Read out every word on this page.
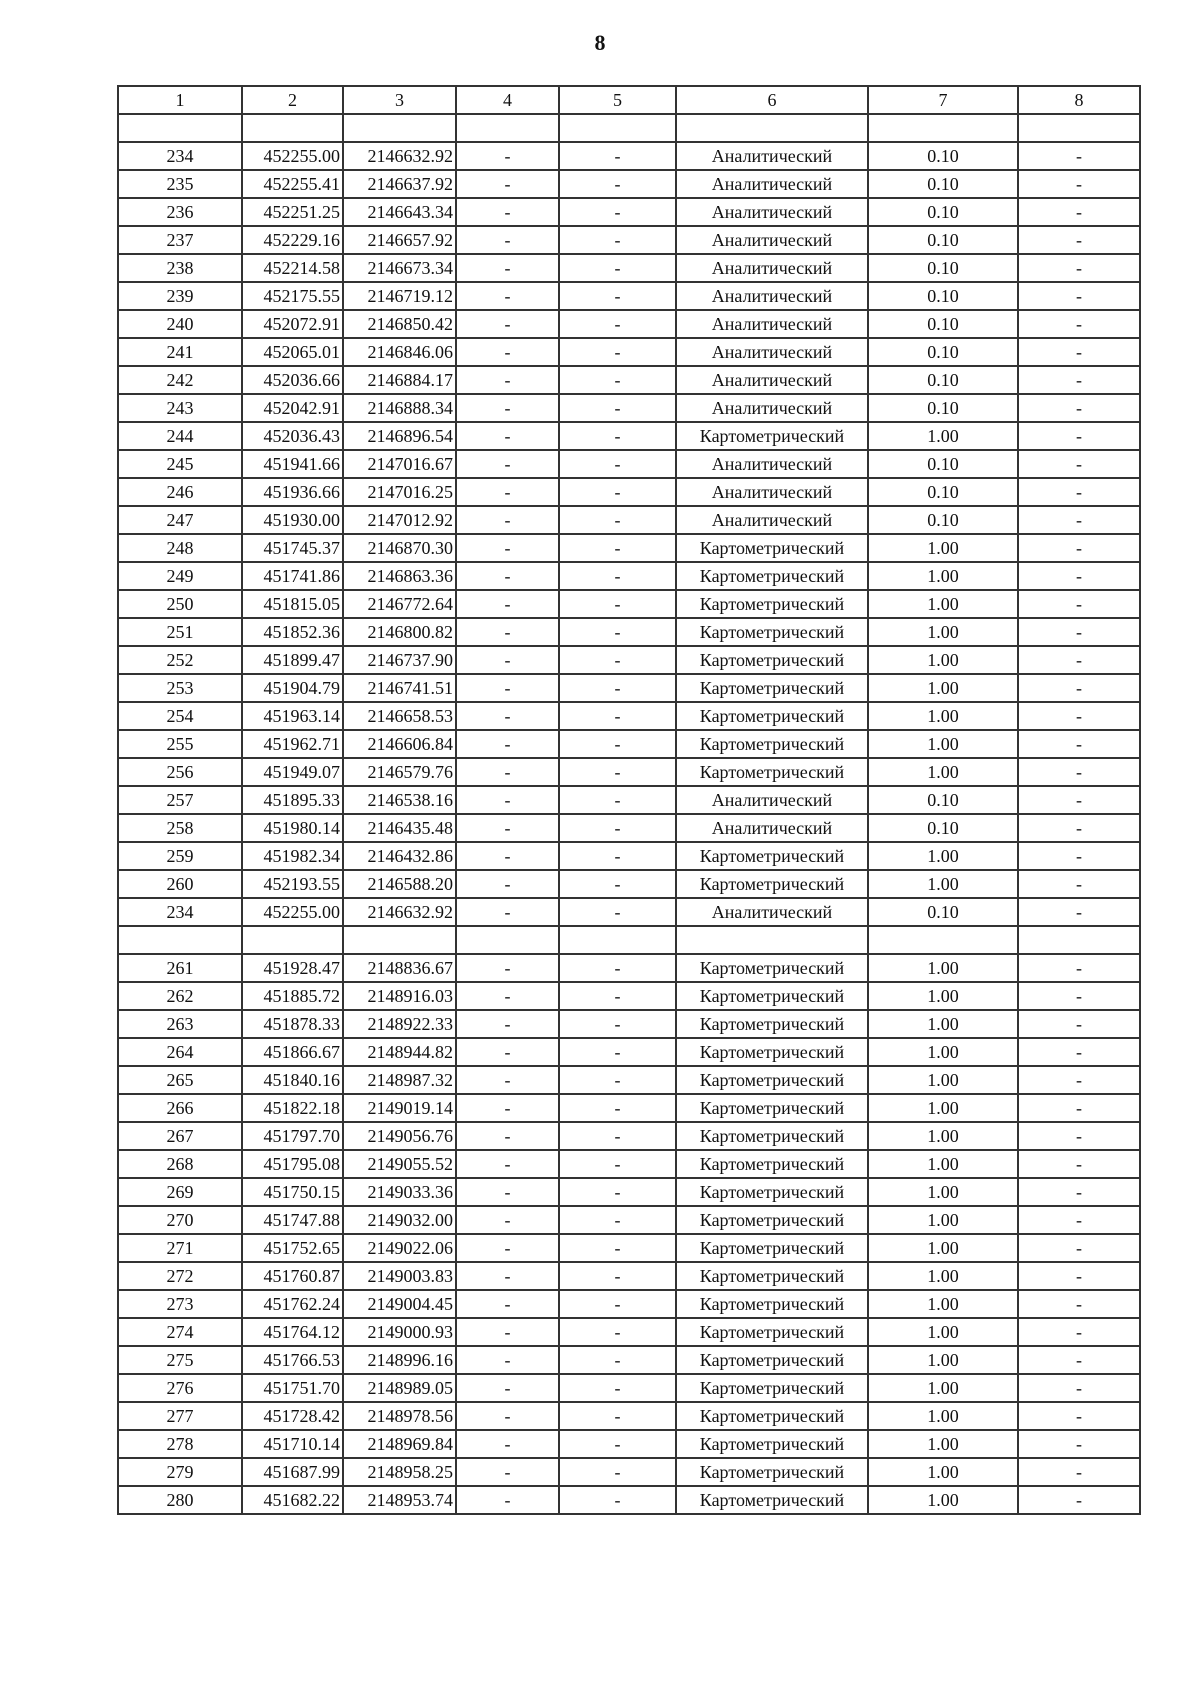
8
1	2	3	4	5	6	7	8

234	452255.00	2146632.92	-	-	Аналитический	0.10	-
235	452255.41	2146637.92	-	-	Аналитический	0.10	-
236	452251.25	2146643.34	-	-	Аналитический	0.10	-
237	452229.16	2146657.92	-	-	Аналитический	0.10	-
238	452214.58	2146673.34	-	-	Аналитический	0.10	-
239	452175.55	2146719.12	-	-	Аналитический	0.10	-
240	452072.91	2146850.42	-	-	Аналитический	0.10	-
241	452065.01	2146846.06	-	-	Аналитический	0.10	-
242	452036.66	2146884.17	-	-	Аналитический	0.10	-
243	452042.91	2146888.34	-	-	Аналитический	0.10	-
244	452036.43	2146896.54	-	-	Картометрический	1.00	-
245	451941.66	2147016.67	-	-	Аналитический	0.10	-
246	451936.66	2147016.25	-	-	Аналитический	0.10	-
247	451930.00	2147012.92	-	-	Аналитический	0.10	-
248	451745.37	2146870.30	-	-	Картометрический	1.00	-
249	451741.86	2146863.36	-	-	Картометрический	1.00	-
250	451815.05	2146772.64	-	-	Картометрический	1.00	-
251	451852.36	2146800.82	-	-	Картометрический	1.00	-
252	451899.47	2146737.90	-	-	Картометрический	1.00	-
253	451904.79	2146741.51	-	-	Картометрический	1.00	-
254	451963.14	2146658.53	-	-	Картометрический	1.00	-
255	451962.71	2146606.84	-	-	Картометрический	1.00	-
256	451949.07	2146579.76	-	-	Картометрический	1.00	-
257	451895.33	2146538.16	-	-	Аналитический	0.10	-
258	451980.14	2146435.48	-	-	Аналитический	0.10	-
259	451982.34	2146432.86	-	-	Картометрический	1.00	-
260	452193.55	2146588.20	-	-	Картометрический	1.00	-
234	452255.00	2146632.92	-	-	Аналитический	0.10	-

261	451928.47	2148836.67	-	-	Картометрический	1.00	-
262	451885.72	2148916.03	-	-	Картометрический	1.00	-
263	451878.33	2148922.33	-	-	Картометрический	1.00	-
264	451866.67	2148944.82	-	-	Картометрический	1.00	-
265	451840.16	2148987.32	-	-	Картометрический	1.00	-
266	451822.18	2149019.14	-	-	Картометрический	1.00	-
267	451797.70	2149056.76	-	-	Картометрический	1.00	-
268	451795.08	2149055.52	-	-	Картометрический	1.00	-
269	451750.15	2149033.36	-	-	Картометрический	1.00	-
270	451747.88	2149032.00	-	-	Картометрический	1.00	-
271	451752.65	2149022.06	-	-	Картометрический	1.00	-
272	451760.87	2149003.83	-	-	Картометрический	1.00	-
273	451762.24	2149004.45	-	-	Картометрический	1.00	-
274	451764.12	2149000.93	-	-	Картометрический	1.00	-
275	451766.53	2148996.16	-	-	Картометрический	1.00	-
276	451751.70	2148989.05	-	-	Картометрический	1.00	-
277	451728.42	2148978.56	-	-	Картометрический	1.00	-
278	451710.14	2148969.84	-	-	Картометрический	1.00	-
279	451687.99	2148958.25	-	-	Картометрический	1.00	-
280	451682.22	2148953.74	-	-	Картометрический	1.00	-
